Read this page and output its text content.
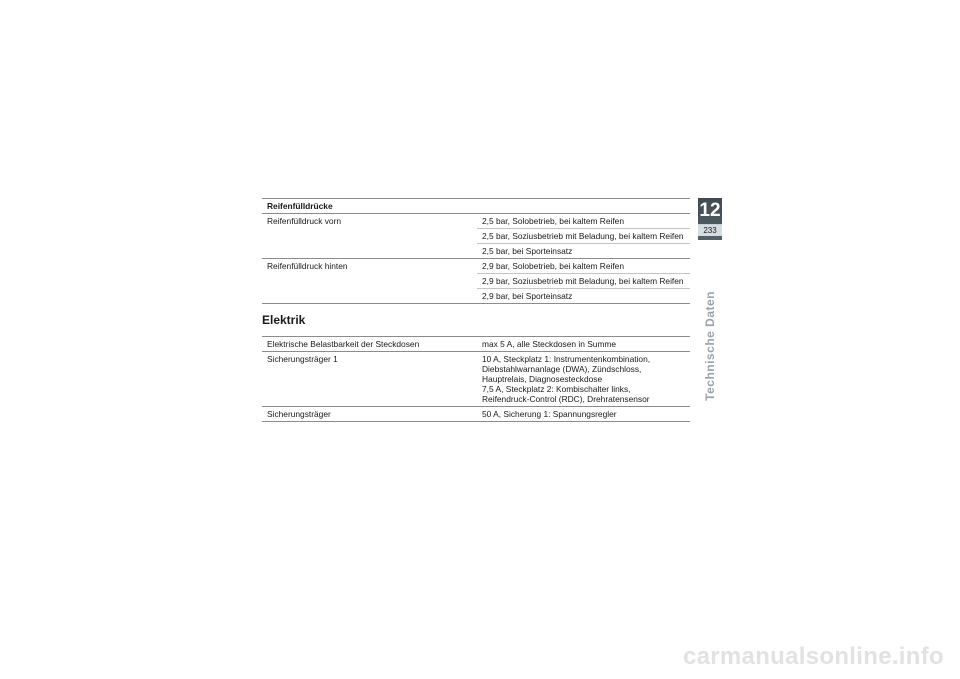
Reifenfülldrücke	
Reifenfülldruck vorn	2,5 bar, Solobetrieb, bei kaltem Reifen
	2,5 bar, Soziusbetrieb mit Beladung, bei kaltem Reifen
	2,5 bar, bei Sporteinsatz
Reifenfülldruck hinten	2,9 bar, Solobetrieb, bei kaltem Reifen
	2,9 bar, Soziusbetrieb mit Beladung, bei kaltem Reifen
	2,9 bar, bei Sporteinsatz
Elektrik
Elektrische Belastbarkeit der Steckdosen	max 5 A, alle Steckdosen in Summe

Sicherungsträger 1	10 A, Steckplatz 1: Instrumentenkombination,
Diebstahlwarnanlage (DWA), Zündschloss,
Hauptrelais, Diagnosesteckdose
7,5 A, Steckplatz 2: Kombischalter links,
Reifendruck-Control (RDC), Drehratensensor

Sicherungsträger	50 A, Sicherung 1: Spannungsregler
12
233
Technische Daten
carmanualsonline.info
